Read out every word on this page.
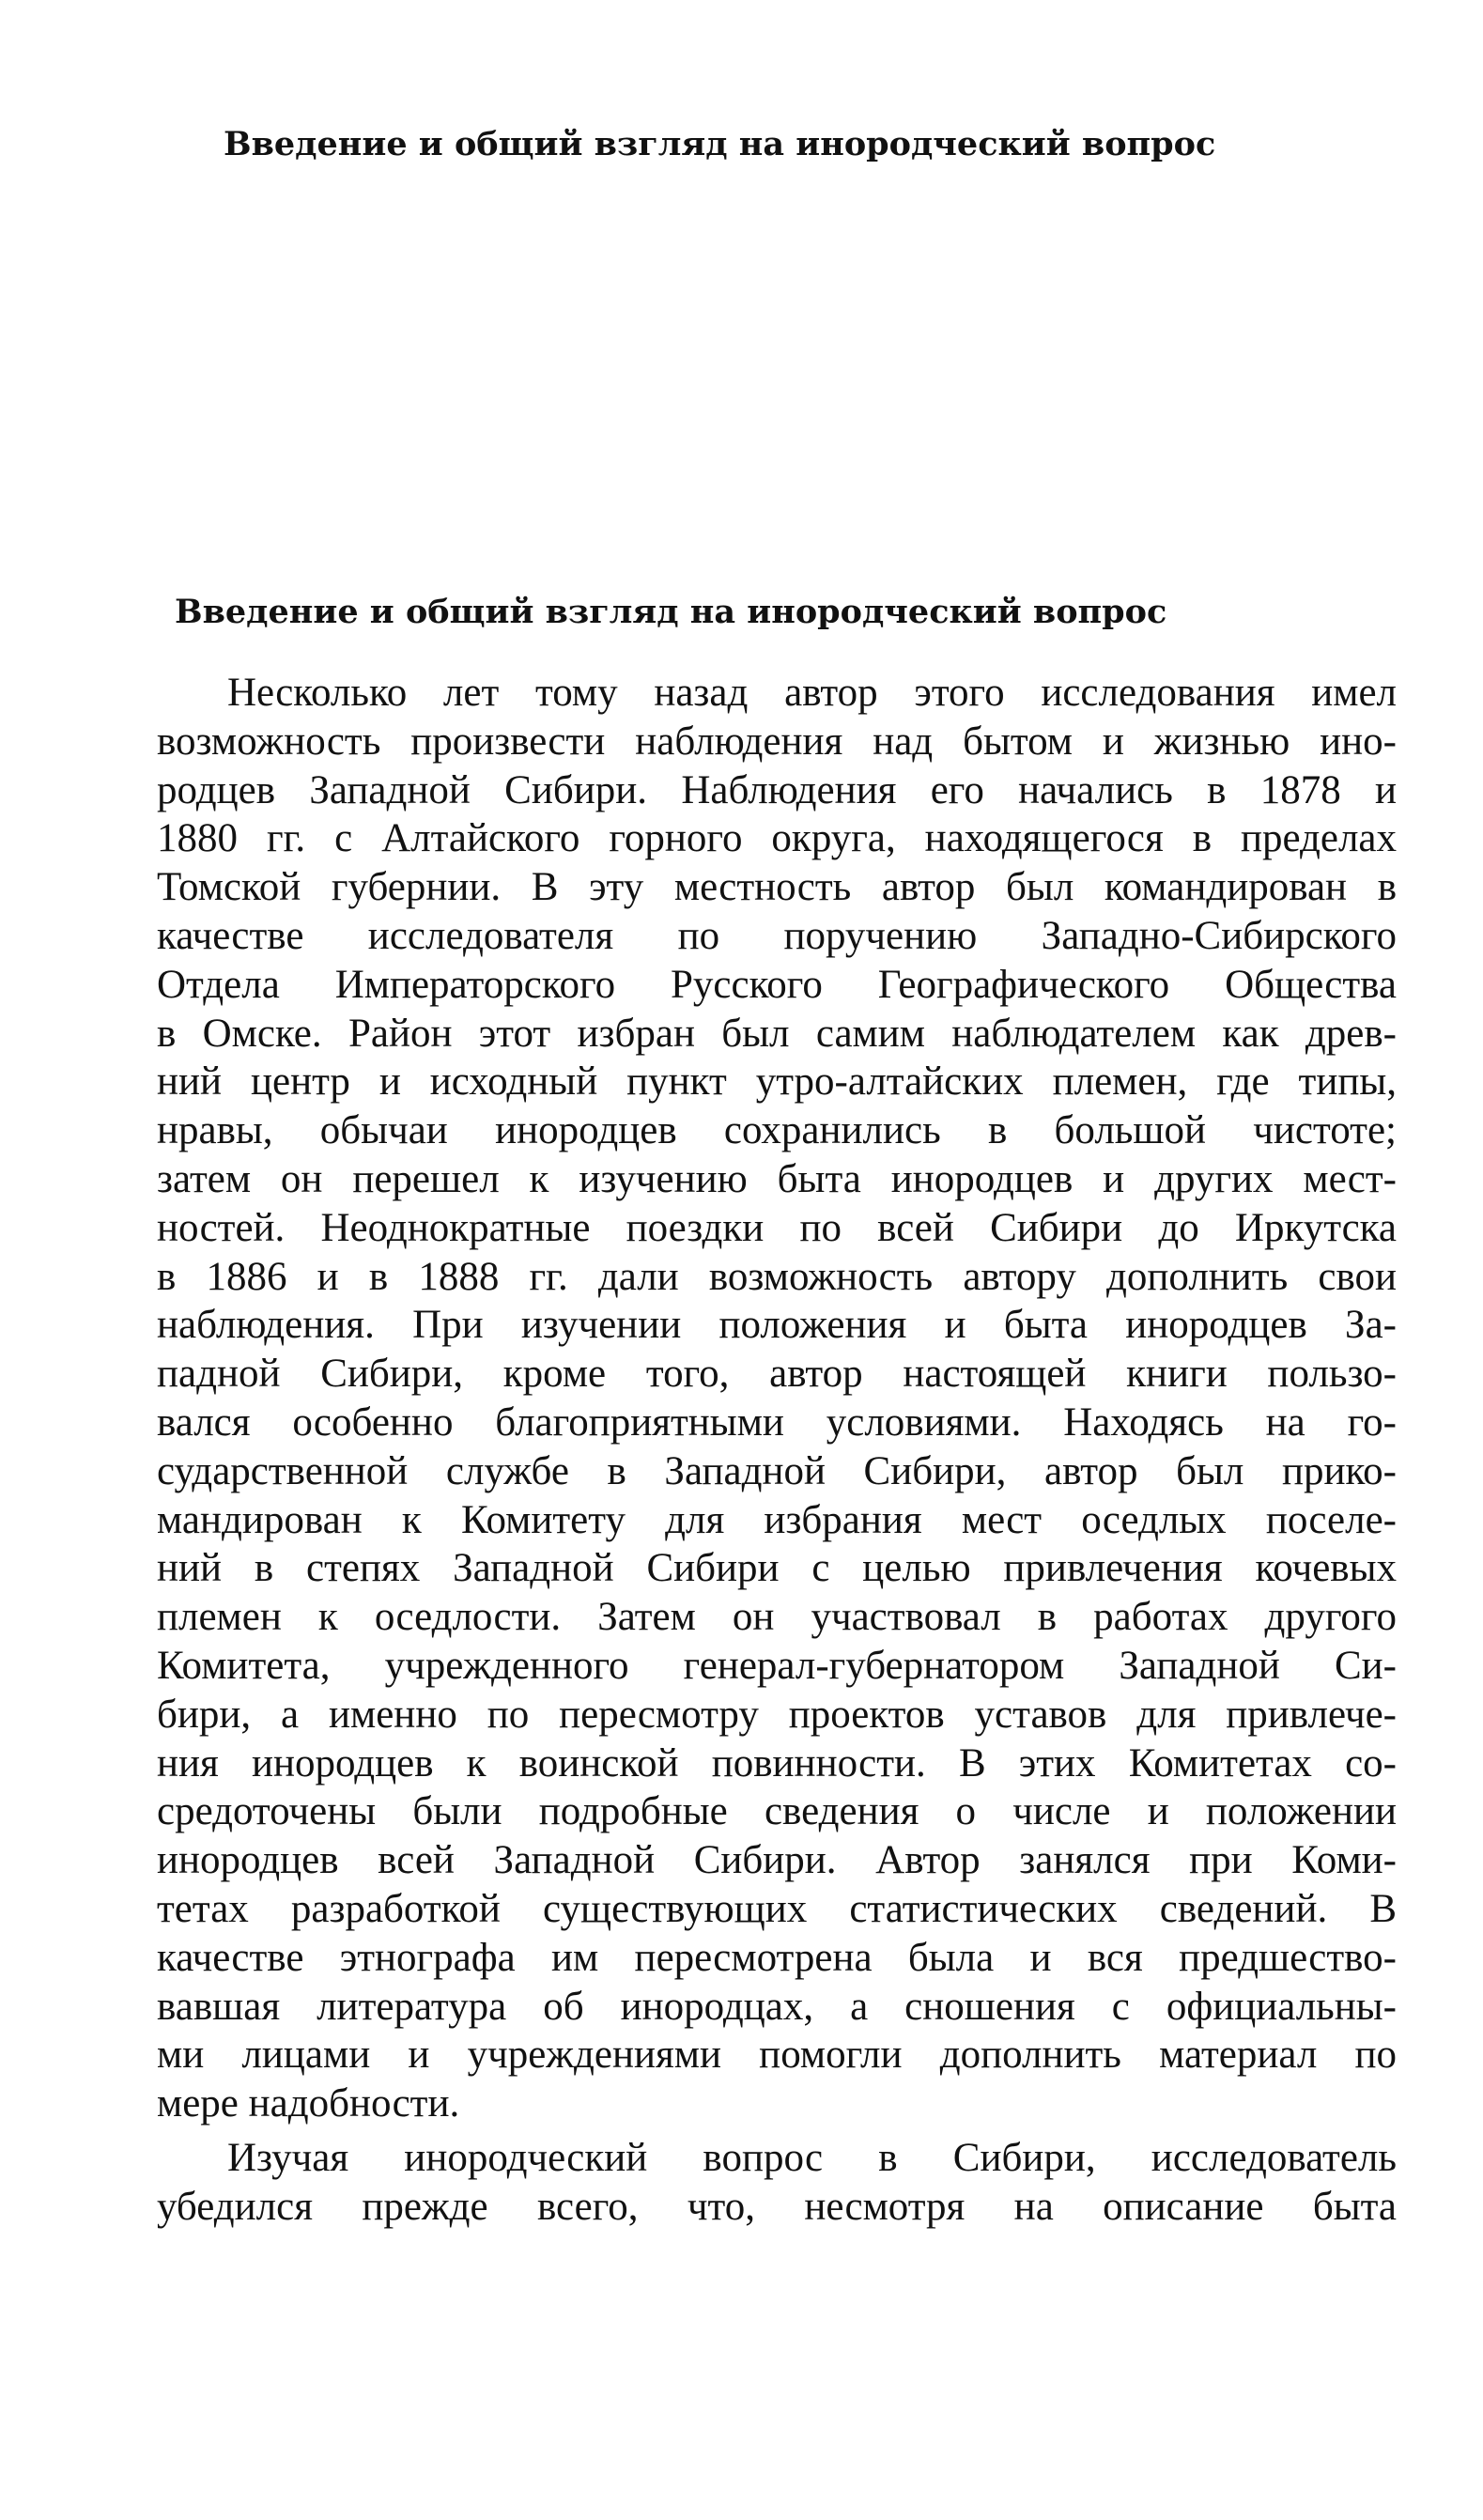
Введение и общий взгляд на инородческий вопрос
Введение и общий взгляд на инородческий вопрос
Несколько лет тому назад автор этого исследования имел
возможность произвести наблюдения над бытом и жизнью ино-
родцев Западной Сибири. Наблюдения его начались в 1878 и
1880 гг. с Алтайского горного округа, находящегося в пределах
Томской губернии. В эту местность автор был командирован в
качестве исследователя по поручению Западно-Сибирского
Отдела Императорского Русского Географического Общества
в Омске. Район этот избран был самим наблюдателем как древ-
ний центр и исходный пункт утро-алтайских племен, где типы,
нравы, обычаи инородцев сохранились в большой чистоте;
затем он перешел к изучению быта инородцев и других мест-
ностей. Неоднократные поездки по всей Сибири до Иркутска
в 1886 и в 1888 гг. дали возможность автору дополнить свои
наблюдения. При изучении положения и быта инородцев За-
падной Сибири, кроме того, автор настоящей книги пользо-
вался особенно благоприятными условиями. Находясь на го-
сударственной службе в Западной Сибири, автор был прико-
мандирован к Комитету для избрания мест оседлых поселе-
ний в степях Западной Сибири с целью привлечения кочевых
племен к оседлости. Затем он участвовал в работах другого
Комитета, учрежденного генерал-губернатором Западной Си-
бири, а именно по пересмотру проектов уставов для привлече-
ния инородцев к воинской повинности. В этих Комитетах со-
средоточены были подробные сведения о числе и положении
инородцев всей Западной Сибири. Автор занялся при Коми-
тетах разработкой существующих статистических сведений. В
качестве этнографа им пересмотрена была и вся предшество-
вавшая литература об инородцах, а сношения с официальны-
ми лицами и учреждениями помогли дополнить материал по
мере надобности.
Изучая инородческий вопрос в Сибири, исследователь
убедился прежде всего, что, несмотря на описание быта
